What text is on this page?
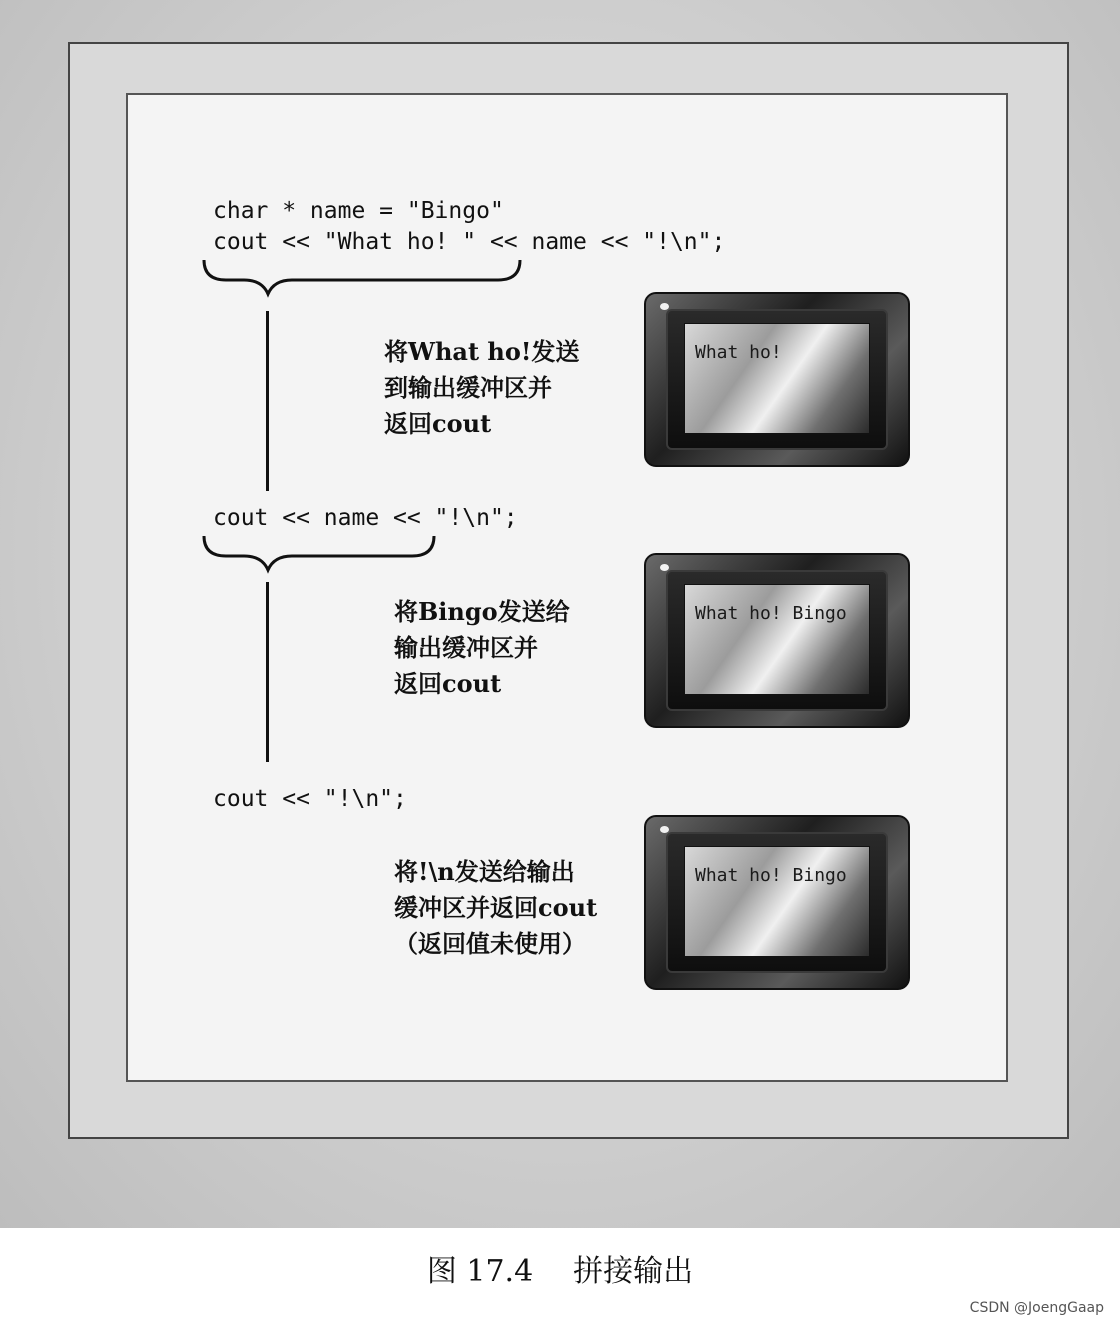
char * name = "Bingo"
cout << "What ho! " << name << "!\n";
cout << name << "!\n";
cout << "!\n";
将What ho!发送
到输出缓冲区并
返回cout
将Bingo发送给
输出缓冲区并
返回cout
将!\n发送给输出
缓冲区并返回cout
（返回值未使用）
What ho!
What ho! Bingo
What ho! Bingo
图 17.4 拼接输出
CSDN @JoengGaap
